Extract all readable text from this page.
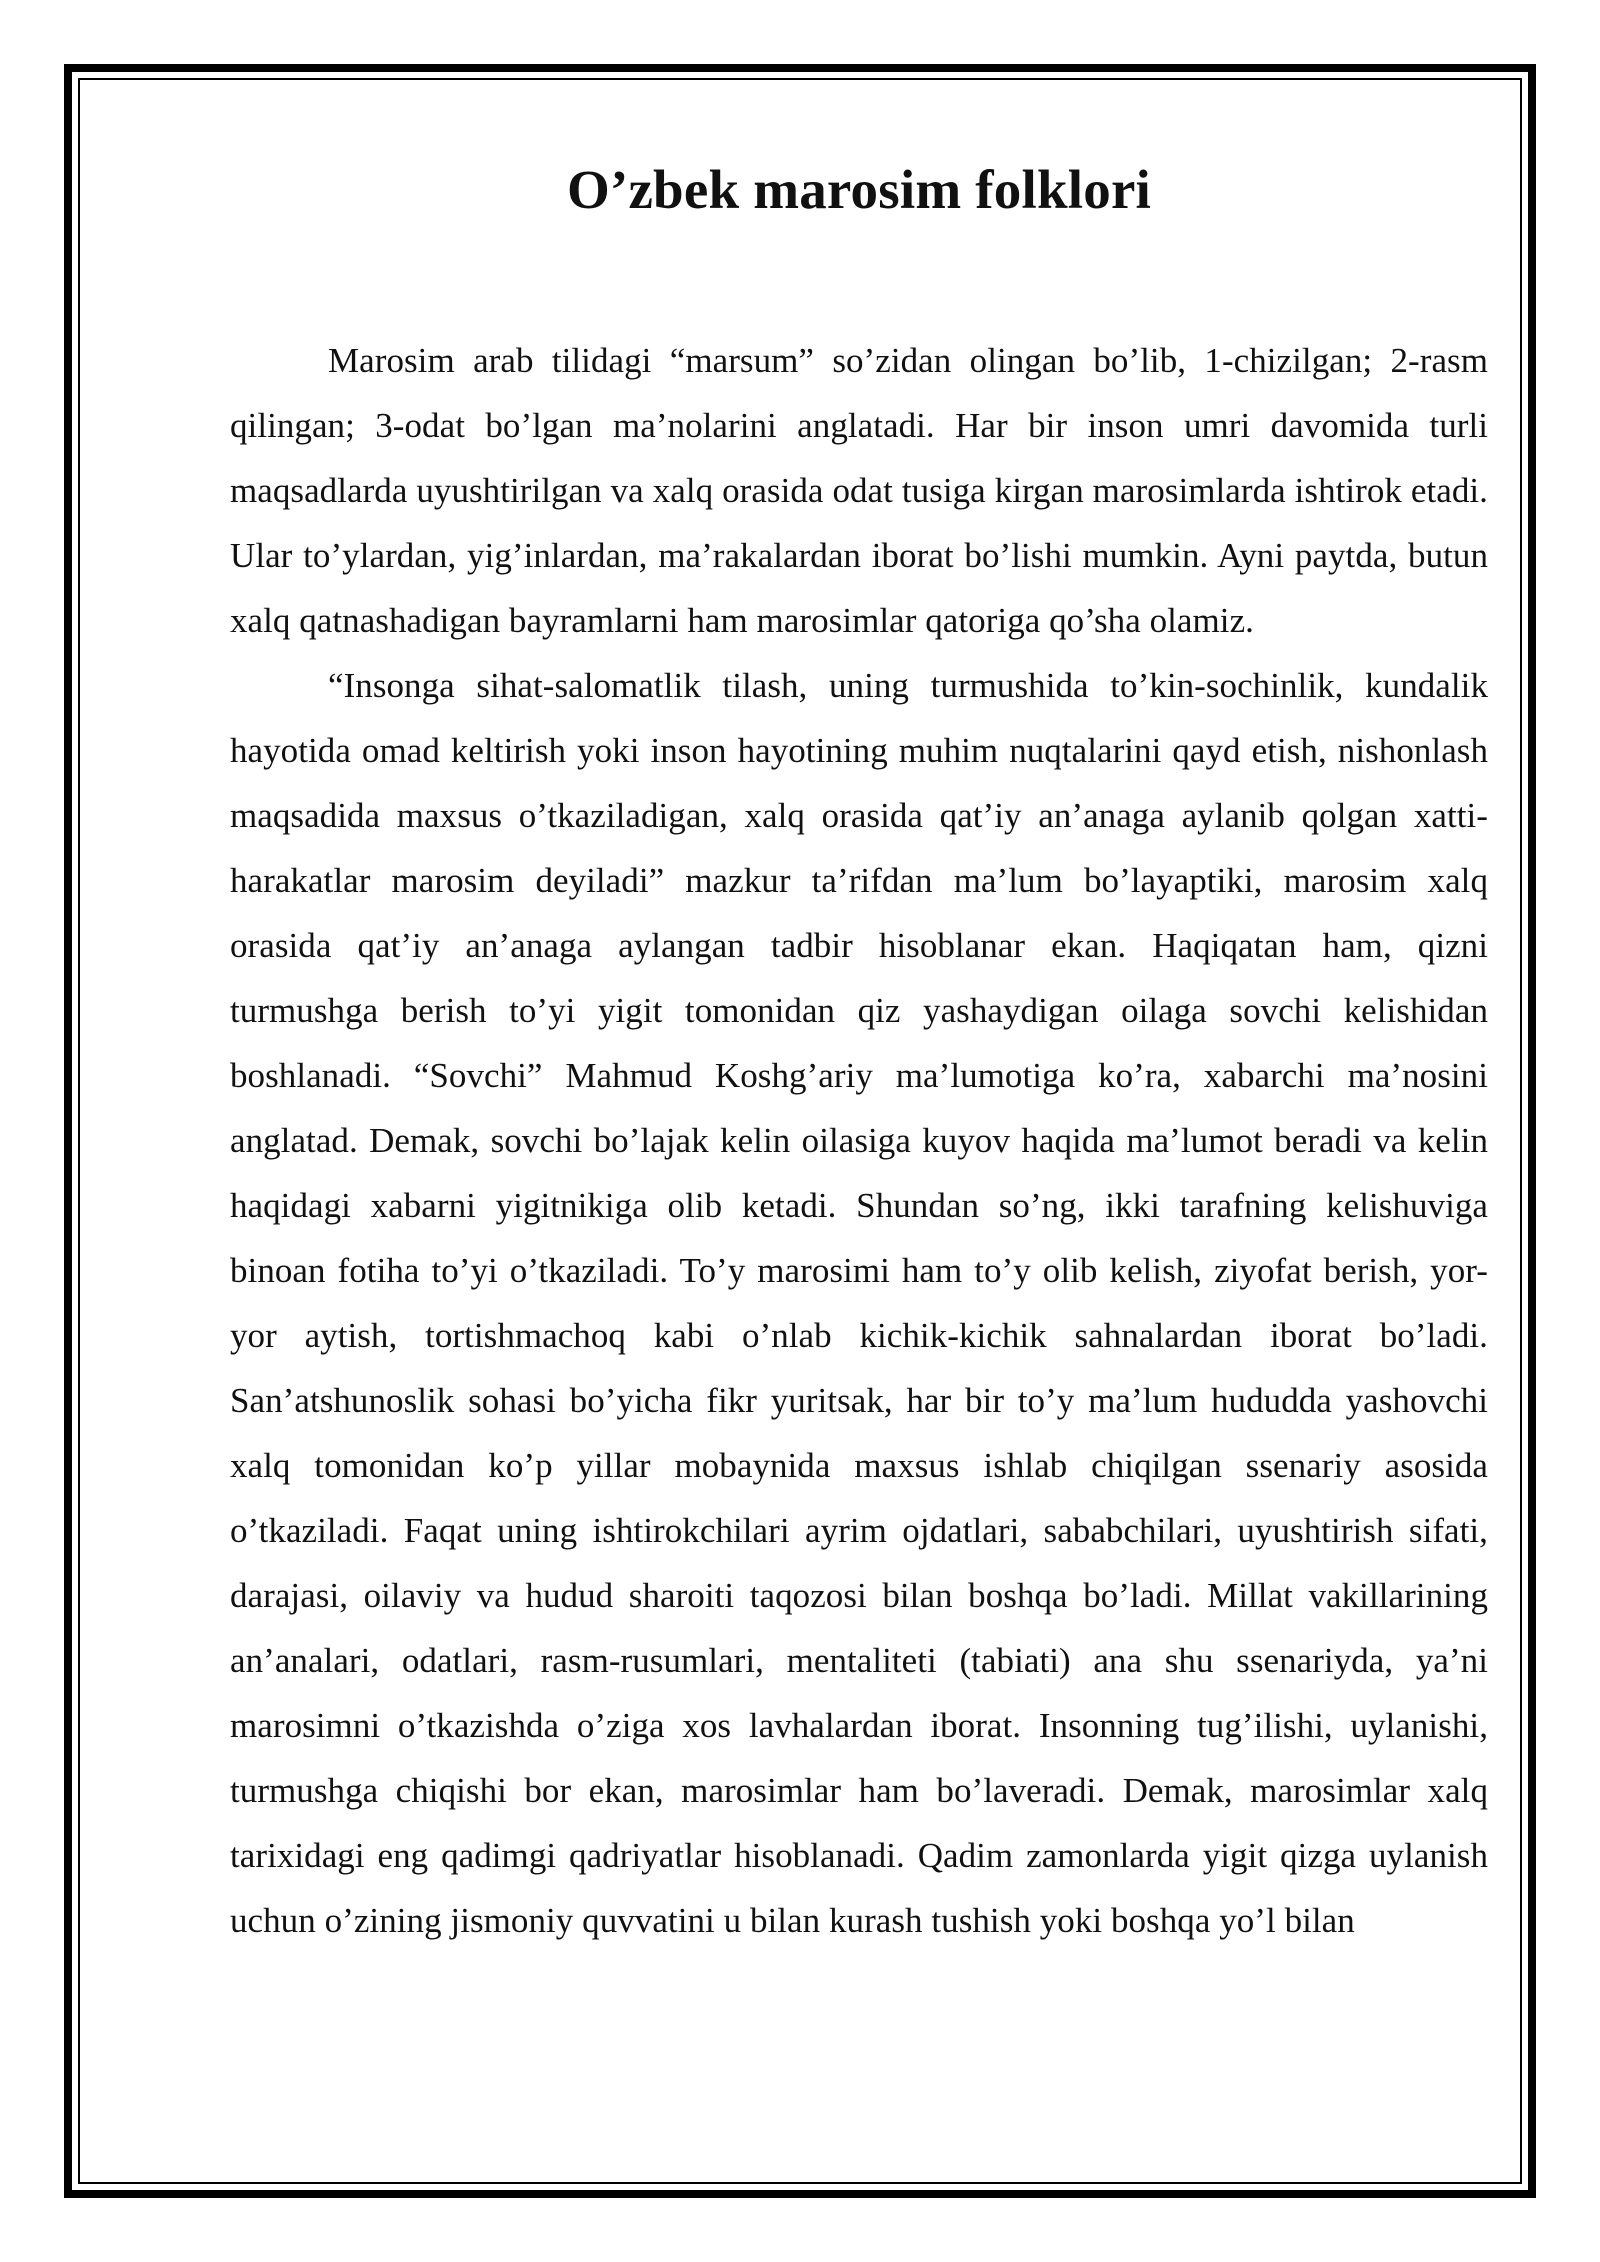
O’zbek marosim folklori

Marosim arab tilidagi “marsum” so’zidan olingan bo’lib, 1-chizilgan; 2-rasm qilingan; 3-odat bo’lgan ma’nolarini anglatadi. Har bir inson umri davomida turli maqsadlarda uyushtirilgan va xalq orasida odat tusiga kirgan marosimlarda ishtirok etadi. Ular to’ylardan, yig’inlardan, ma’rakalardan iborat bo’lishi mumkin. Ayni paytda, butun xalq qatnashadigan bayramlarni ham marosimlar qatoriga qo’sha olamiz.

“Insonga sihat-salomatlik tilash, uning turmushida to’kin-sochinlik, kundalik hayotida omad keltirish yoki inson hayotining muhim nuqtalarini qayd etish, nishonlash maqsadida maxsus o’tkaziladigan, xalq orasida qat’iy an’anaga aylanib qolgan xatti-harakatlar marosim deyiladi” mazkur ta’rifdan ma’lum bo’layaptiki, marosim xalq orasida qat’iy an’anaga aylangan tadbir hisoblanar ekan. Haqiqatan ham, qizni turmushga berish to’yi yigit tomonidan qiz yashaydigan oilaga sovchi kelishidan boshlanadi. “Sovchi” Mahmud Koshg’ariy ma’lumotiga ko’ra, xabarchi ma’nosini anglatad. Demak, sovchi bo’lajak kelin oilasiga kuyov haqida ma’lumot beradi va kelin haqidagi xabarni yigitnikiga olib ketadi. Shundan so’ng, ikki tarafning kelishuviga binoan fotiha to’yi o’tkaziladi. To’y marosimi ham to’y olib kelish, ziyofat berish, yor-yor aytish, tortishmachoq kabi o’nlab kichik-kichik sahnalardan iborat bo’ladi. San’atshunoslik sohasi bo’yicha fikr yuritsak, har bir to’y ma’lum hududda yashovchi xalq tomonidan ko’p yillar mobaynida maxsus ishlab chiqilgan ssenariy asosida o’tkaziladi. Faqat uning ishtirokchilari ayrim ojdatlari, sababchilari, uyushtirish sifati, darajasi, oilaviy va hudud sharoiti taqozosi bilan boshqa bo’ladi. Millat vakillarining an’analari, odatlari, rasm-rusumlari, mentaliteti (tabiati) ana shu ssenariyda, ya’ni marosimni o’tkazishda o’ziga xos lavhalardan iborat. Insonning tug’ilishi, uylanishi, turmushga chiqishi bor ekan, marosimlar ham bo’laveradi. Demak, marosimlar xalq tarixidagi eng qadimgi qadriyatlar hisoblanadi. Qadim zamonlarda yigit qizga uylanish uchun o’zining jismoniy quvvatini u bilan kurash tushish yoki boshqa yo’l bilan
